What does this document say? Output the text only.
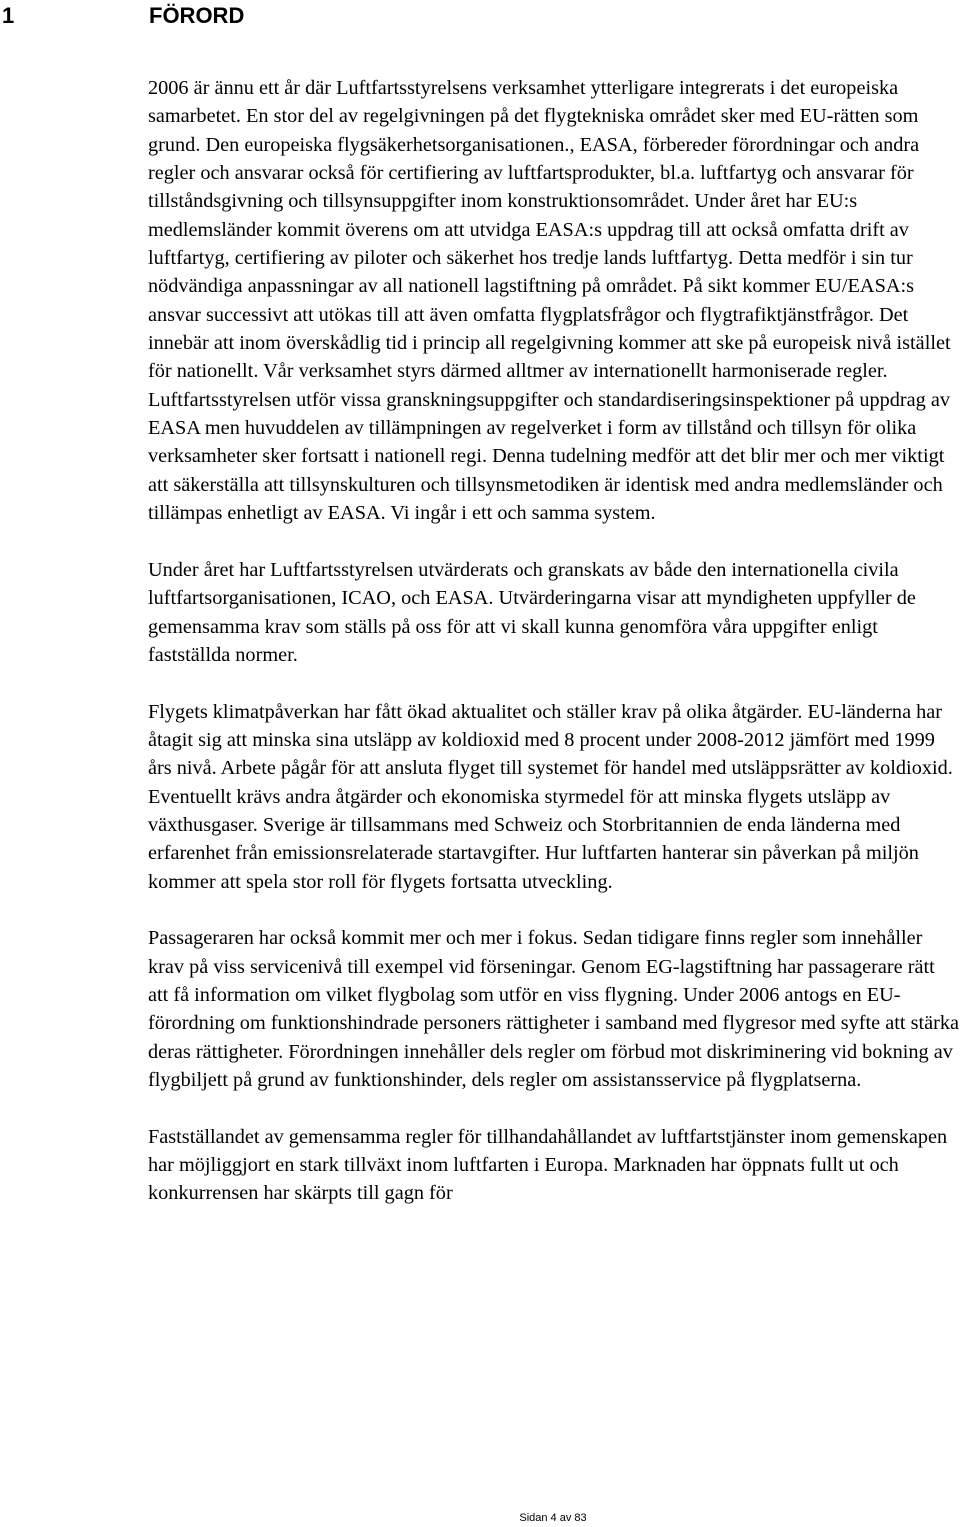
1	FÖRORD

2006 är ännu ett år där Luftfartsstyrelsens verksamhet ytterligare integrerats i det europeiska samarbetet. En stor del av regelgivningen på det flygtekniska området sker med EU-rätten som grund. Den europeiska flygsäkerhetsorganisationen., EASA, förbereder förordningar och andra regler och ansvarar också för certifiering av luftfartsprodukter, bl.a. luftfartyg och ansvarar för tillståndsgivning och tillsynsuppgifter inom konstruktionsområdet. Under året har EU:s medlemsländer kommit överens om att utvidga EASA:s uppdrag till att också omfatta drift av luftfartyg, certifiering av piloter och säkerhet hos tredje lands luftfartyg. Detta medför i sin tur nödvändiga anpassningar av all nationell lagstiftning på området. På sikt kommer EU/EASA:s ansvar successivt att utökas till att även omfatta flygplatsfrågor och flygtrafiktjänstfrågor. Det innebär att inom överskådlig tid i princip all regelgivning kommer att ske på europeisk nivå istället för nationellt. Vår verksamhet styrs därmed alltmer av internationellt harmoniserade regler. Luftfartsstyrelsen utför vissa granskningsuppgifter och standardiseringsinspektioner på uppdrag av EASA men huvuddelen av tillämpningen av regelverket i form av tillstånd och tillsyn för olika verksamheter sker fortsatt i nationell regi. Denna tudelning medför att det blir mer och mer viktigt att säkerställa att tillsynskulturen och tillsynsmetodiken är identisk med andra medlemsländer och tillämpas enhetligt av EASA. Vi ingår i ett och samma system.

Under året har Luftfartsstyrelsen utvärderats och granskats av både den internationella civila luftfartsorganisationen, ICAO, och EASA. Utvärderingarna visar att myndigheten uppfyller de gemensamma krav som ställs på oss för att vi skall kunna genomföra våra uppgifter enligt fastställda normer.

Flygets klimatpåverkan har fått ökad aktualitet och ställer krav på olika åtgärder. EU-länderna har åtagit sig att minska sina utsläpp av koldioxid med 8 procent under 2008-2012 jämfört med 1999 års nivå. Arbete pågår för att ansluta flyget till systemet för handel med utsläppsrätter av koldioxid. Eventuellt krävs andra åtgärder och ekonomiska styrmedel för att minska flygets utsläpp av växthusgaser. Sverige är tillsammans med Schweiz och Storbritannien de enda länderna med erfarenhet från emissionsrelaterade startavgifter. Hur luftfarten hanterar sin påverkan på miljön kommer att spela stor roll för flygets fortsatta utveckling.

Passageraren har också kommit mer och mer i fokus. Sedan tidigare finns regler som innehåller krav på viss servicenivå till exempel vid förseningar. Genom EG-lagstiftning har passagerare rätt att få information om vilket flygbolag som utför en viss flygning. Under 2006 antogs en EU-förordning om funktionshindrade personers rättigheter i samband med flygresor med syfte att stärka deras rättigheter. Förordningen innehåller dels regler om förbud mot diskriminering vid bokning av flygbiljett på grund av funktionshinder, dels regler om assistansservice på flygplatserna.

Fastställandet av gemensamma regler för tillhandahållandet av luftfartstjänster inom gemenskapen har möjliggjort en stark tillväxt inom luftfarten i Europa. Marknaden har öppnats fullt ut och konkurrensen har skärpts till gagn för

Sidan 4 av 83
